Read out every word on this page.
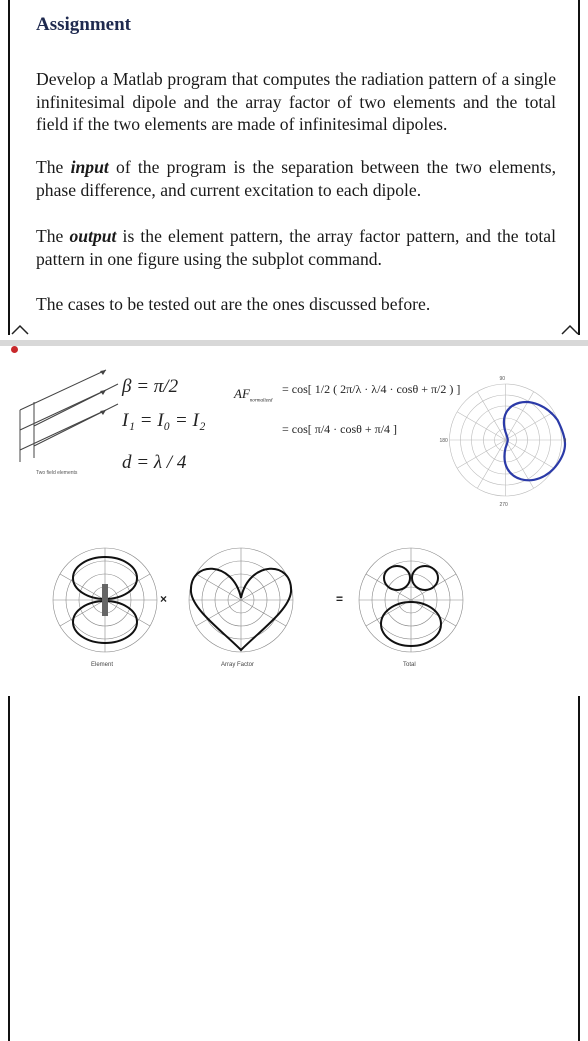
Assignment
Develop a Matlab program that computes the radiation pattern of a single infinitesimal dipole and the array factor of two elements and the total field if the two elements are made of infinitesimal dipoles.
The input of the program is the separation between the two elements, phase difference, and current excitation to each dipole.
The output is the element pattern, the array factor pattern, and the total pattern in one figure using the subplot command.
The cases to be tested out are the ones discussed before.
Two field elements
β = π/2
I₁ = I₀ = I₂
d = λ / 4
$AF_{normalized}$
= cos[ 1/2 ( 2π/λ · λ/4 · cosθ + π/2 ) ]
= cos[ π/4 · cosθ + π/4 ]
90
270
0
180
Element
×
Array Factor
=
Total
